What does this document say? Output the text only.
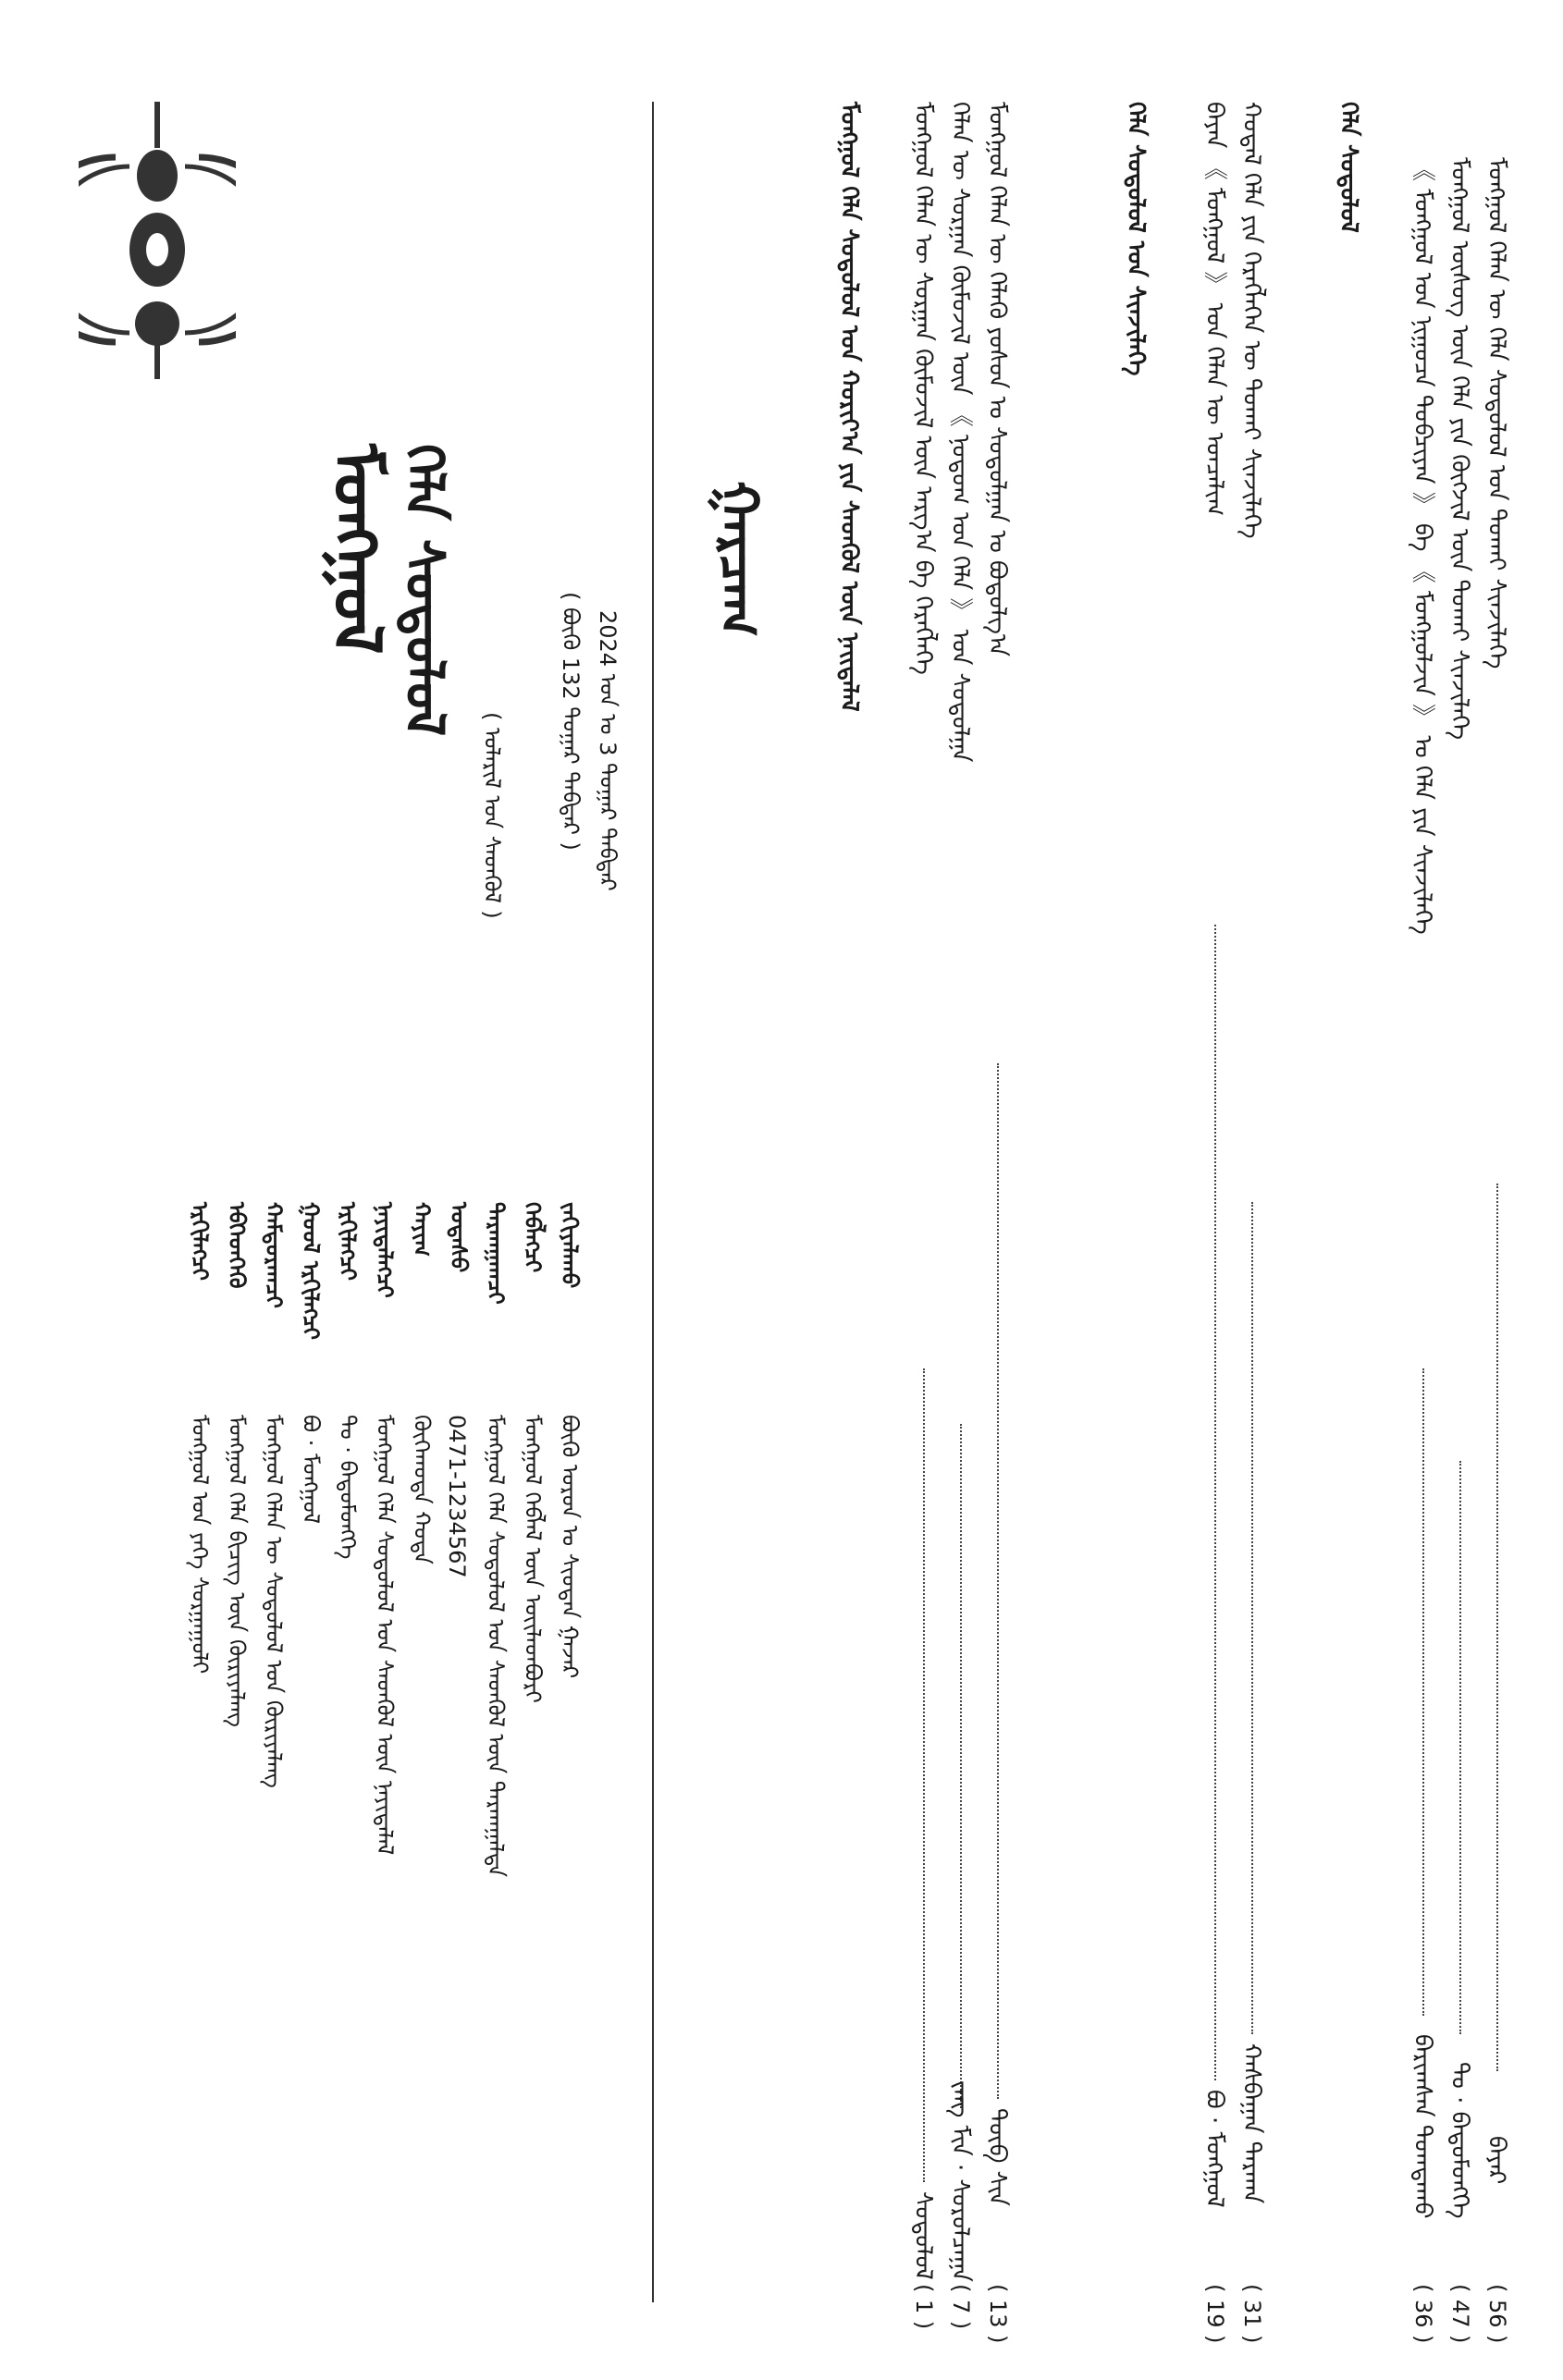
ᠮᠣᠩᠭᠣᠯ
ᠬᠡᠯᠡ ᠰᠤᠳᠤᠯᠤᠯ
( ᠤᠯᠠᠷᠢᠯ ᠤᠨ ᠰᠡᠳᠬᠦᠯ ) ( ᠪᠦᠬᠦ 132 ᠳᠤᠭᠠᠷ ᠳᠡᠪᠲᠡᠷ ) 2024 ᠣᠨ ᠤ 3 ᠳᠤᠭᠠᠷ ᠳᠡᠪᠲᠡᠷ
ᠭᠠᠷᠴᠠᠭ	ᠮᠣᠩᠭᠣᠯ ᠬᠡᠯᠡ ᠰᠤᠳᠤᠯᠤᠯ ᠤᠨ ᠬᠣᠷᠢᠶ᠎ᠠ ᠶᠢᠨ ᠰᠡᠳᠬᠦᠯ ᠦᠨ ᠨᠡᠢᠲᠡᠯᠡᠯ ᠮᠣᠩᠭᠣᠯ ᠬᠡᠯᠡᠨ ᠦ ᠰᠤᠷᠭᠠᠨ ᠬᠦᠮᠦᠵᠢᠯ ᠦᠨ ᠠᠷᠭ᠎ᠠ ᠪᠠ ᠬᠡᠷᠡᠭᠯᠡᠭᠡ
ᠰᠤᠳᠤᠯᠤᠯ
( 1 )
ᠬᠡᠯᠡᠨ ᠦ ᠰᠤᠷᠭᠠᠨ ᠬᠦᠮᠦᠵᠢᠯ ᠦᠨ 《 ᠨᠤᠲᠤᠭ ᠤᠨ ᠬᠡᠯᠡ 》 ᠤᠨ ᠰᠤᠳᠤᠯᠭᠠ
ᠵᠠᠩ ᠮᠢᠨ · ᠰᠤᠷᠤᠯᠴᠠᠭᠠ
( 7 )
ᠮᠣᠩᠭᠣᠯ ᠬᠡᠯᠡᠨ ᠦ ᠬᠡᠯᠡᠬᠦ ᠶᠤᠰᠤᠨ ᠤ ᠰᠤᠳᠤᠯᠭᠠᠨ ᠤ ᠪᠣᠳᠤᠯᠭ᠎ᠠ
ᠲᠦᠪ ᠰᠢᠨ
( 13 )
ᠬᠡᠯᠡ ᠰᠤᠳᠤᠯᠤᠯ ᠤᠨ ᠰᠢᠨᠵᠢᠯᠡᠭᠡ ᠪᠠᠶᠠᠨ 《 ᠮᠣᠩᠭᠣᠯ 》 ᠤᠨ ᠬᠡᠯᠡᠨ ᠦ ᠤᠨᠴᠠᠯᠢᠭ
ᠪᠤ · ᠮᠣᠩᠭᠣᠯ
( 19 )
ᠬᠤᠳᠠᠯ ᠬᠡᠯᠡ ᠶᠢᠨ ᠬᠡᠷᠡᠭᠯᠡᠭᠡᠨ ᠦ ᠲᠤᠬᠠᠢ ᠰᠢᠨᠵᠢᠯᠡᠭᠡ
ᠬᠠᠰᠪᠠᠭᠠᠨ ᠳᠠᠷᠬᠠᠨ
( 31 )
ᠬᠡᠯᠡ ᠰᠤᠳᠤᠯᠤᠯ 《 ᠮᠣᠩᠭᠣᠯ ᠤᠨ ᠨᠢᠭᠤᠴᠠ ᠲᠣᠪᠴᠢᠶᠠᠨ 》 ᠪᠠ 《 ᠮᠣᠩᠭᠣᠯᠵᠢᠨ 》 ᠤ ᠬᠡᠯᠡ ᠶᠢᠨ ᠰᠢᠨᠵᠢᠯᠡᠭᠡ
ᠪᠠᠷᠢᠭᠰᠠᠨ ᠲᠣᠭᠲᠠᠬᠤ
( 36 )
ᠮᠣᠩᠭᠣᠯ ᠦᠰᠦᠭ ᠦᠨ ᠬᠡᠯᠡ ᠶᠢᠨ ᠬᠥᠭᠵᠢᠯ ᠦᠨ ᠲᠤᠬᠠᠢ ᠰᠢᠨᠵᠢᠯᠡᠭᠡ
ᠲᠤ · ᠪᠠᠲᠤᠮᠥᠩᠬᠡ
( 47 )
ᠮᠣᠩᠭᠣᠯ ᠬᠡᠯᠡᠨ ᠦ ᠬᠡᠯᠡ ᠰᠤᠳᠤᠯᠤᠯ ᠤᠨ ᠲᠤᠬᠠᠢ ᠰᠢᠨᠵᠢᠯᠡᠭᠡ
ᠪᠠᠶᠠᠷ
( 56 )
ᠡᠷᠬᠢᠯᠡᠭᠴᠢ
ᠮᠣᠩᠭᠣᠯ ᠤᠨ ᠶᠡᠬᠡ ᠰᠤᠷᠭᠠᠭᠤᠯᠢ
ᠡᠪᠬᠡᠳᠬᠡᠬᠦ
ᠮᠣᠩᠭᠣᠯ ᠬᠡᠯᠡ ᠪᠢᠴᠢᠭ ᠦᠨ ᠬᠦᠷᠢᠶᠡᠯᠡᠩ
ᠬᠠᠮᠲᠤᠷᠠᠭᠴᠢ
ᠮᠣᠩᠭᠣᠯ ᠬᠡᠯᠡᠨ ᠦ ᠰᠤᠳᠤᠯᠤᠯ ᠤᠨ ᠬᠦᠷᠢᠶᠡᠯᠡᠩ
ᠭᠣᠣᠯ ᠡᠷᠬᠢᠯᠡᠭᠴᠢ
ᠪᠤ · ᠮᠣᠩᠭᠣᠯ
ᠡᠷᠬᠢᠯᠡᠭᠴᠢ
ᠲᠤ · ᠪᠠᠲᠤᠮᠥᠩᠬᠡ
ᠨᠡᠶᠢᠲᠡᠯᠡᠭᠴᠢ
ᠮᠣᠩᠭᠣᠯ ᠬᠡᠯᠡ ᠰᠤᠳᠤᠯᠤᠯ ᠤᠨ ᠰᠡᠳᠬᠦᠯ ᠦᠨ ᠨᠡᠶᠢᠲᠡᠯᠡᠯ
ᠬᠠᠶᠢᠭ
ᠬᠥᠬᠡᠬᠣᠲᠠ ᠬᠣᠲᠠ
ᠤᠲᠠᠰᠤ
0471-1234567
ᠲᠠᠷᠬᠠᠭᠠᠭᠴᠢ
ᠮᠣᠩᠭᠣᠯ ᠬᠡᠯᠡ ᠰᠤᠳᠤᠯᠤᠯ ᠤᠨ ᠰᠡᠳᠬᠦᠯ ᠦᠨ ᠲᠠᠷᠬᠠᠭᠠᠯᠲᠠ
ᠬᠡᠪᠯᠡᠭᠴᠢ
ᠮᠣᠩᠭᠣᠯ ᠬᠡᠪᠯᠡᠯ ᠦᠨ ᠦᠢᠯᠡᠳᠪᠦᠷᠢ
ᠵᠠᠬᠢᠶᠠᠯᠠᠬᠤ
ᠪᠦᠬᠦ ᠣᠷᠣᠨ ᠤ ᠰᠢᠤᠳᠠᠨ ᠭᠠᠵᠠᠷ
